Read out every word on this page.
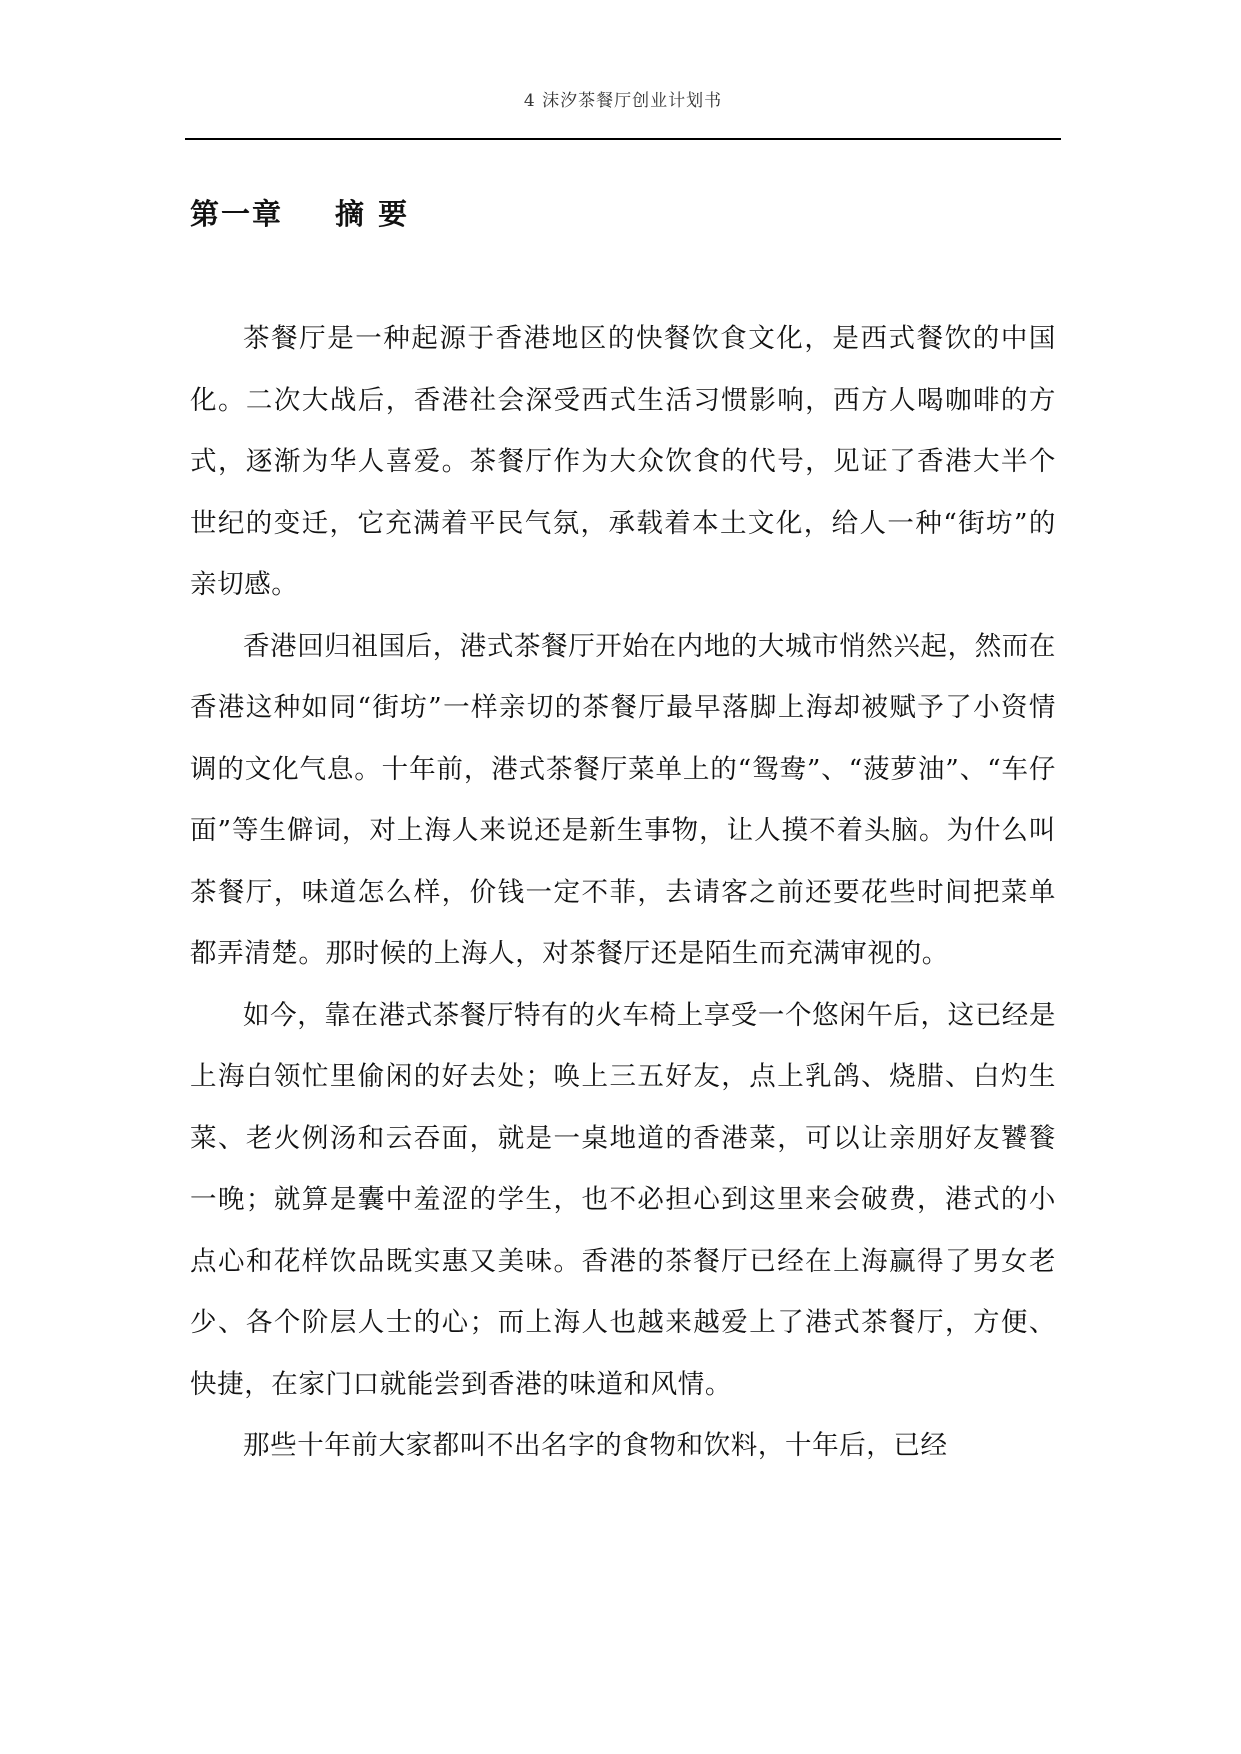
4 沫汐茶餐厅创业计划书
第一章 摘 要

茶餐厅是一种起源于香港地区的快餐饮食文化，是西式餐饮的中国化。二次大战后，香港社会深受西式生活习惯影响，西方人喝咖啡的方式，逐渐为华人喜爱。茶餐厅作为大众饮食的代号，见证了香港大半个世纪的变迁，它充满着平民气氛，承载着本土文化，给人一种“街坊”的亲切感。

香港回归祖国后，港式茶餐厅开始在内地的大城市悄然兴起，然而在香港这种如同“街坊”一样亲切的茶餐厅最早落脚上海却被赋予了小资情调的文化气息。十年前，港式茶餐厅菜单上的“鸳鸯”、“菠萝油”、“车仔面”等生僻词，对上海人来说还是新生事物，让人摸不着头脑。为什么叫茶餐厅，味道怎么样，价钱一定不菲，去请客之前还要花些时间把菜单都弄清楚。那时候的上海人，对茶餐厅还是陌生而充满审视的。

如今，靠在港式茶餐厅特有的火车椅上享受一个悠闲午后，这已经是上海白领忙里偷闲的好去处；唤上三五好友，点上乳鸽、烧腊、白灼生菜、老火例汤和云吞面，就是一桌地道的香港菜，可以让亲朋好友饕餮一晚；就算是囊中羞涩的学生，也不必担心到这里来会破费，港式的小点心和花样饮品既实惠又美味。香港的茶餐厅已经在上海赢得了男女老少、各个阶层人士的心；而上海人也越来越爱上了港式茶餐厅，方便、快捷，在家门口就能尝到香港的味道和风情。

那些十年前大家都叫不出名字的食物和饮料，十年后，已经
